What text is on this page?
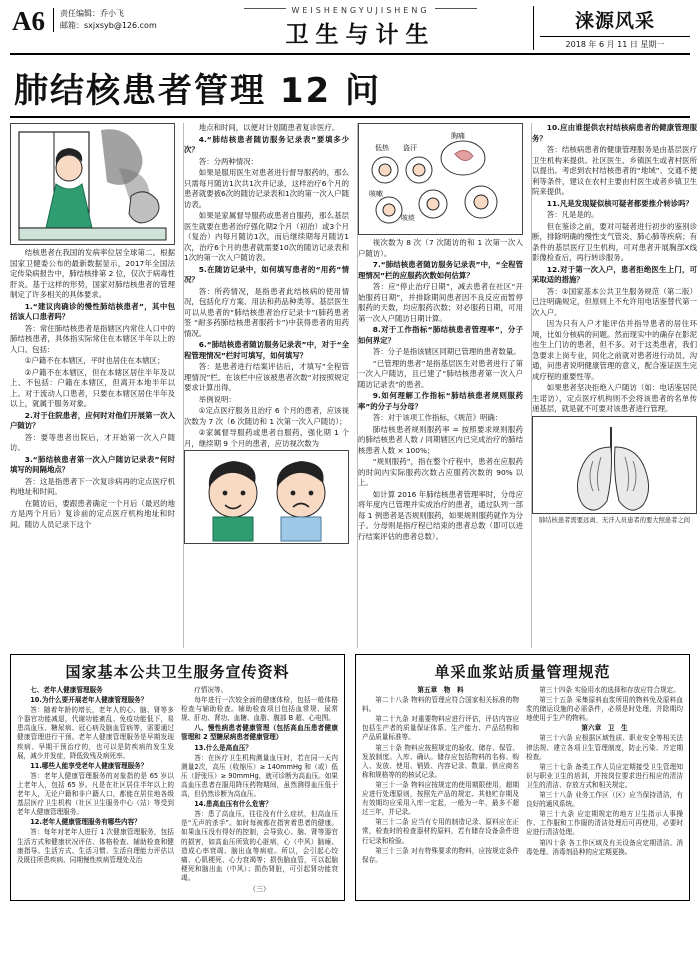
A6	责任编辑：乔小飞
邮箱：sxjxsyb@126.com
WEISHENGYUJISHENG
卫生与计生
涞源风采
2018 年 6 月 11 日 星期一
肺结核患者管理 12 问

结核患者在我国的发病率位居全球第二。根据国家卫健委公布的最新数据显示，2017年全国法定传染病报告中，肺结核排第 2 位，仅次于病毒性肝炎。基于这样的形势，国家对肺结核患者的管理制定了许多相关的具体要求。

1.“建议肉确诊的慢性肺结核患者”，其中包括该人口患者吗？

答：常住肺结核患者是指辖区内常住人口中的肺结核患者，具体指实际常住在本辖区半年以上的人口。包括：

①户籍不在本辖区，平时也居住在本辖区；

②户籍不在本辖区，但在本辖区居住半年及以上、不包括：户籍在本辖区，但离开本地半年以上。对于流动人口患者，只要在本辖区居住半年及以上，就属于服务对象。

2.对于住院患者，应何时对他们开展第一次入户随访？

答：要等患者出院后，才开始第一次入户随访。

3.“肺结核患者第一次入户随访记录表”何时填写的间隔地点？

答：这是指患者下一次复诊病再的定点医疗机构地址和时间。

在随访后，要跟患者确定一个月后（最迟的地方是两个月后）复诊前的定点医疗机构地址和时间。随访人员记录下这个

地点和时间，以便对计划随患者复诊医疗。

4.“肺结核患者随访服务记录表”要填多少次？

答：分两种情况：

如果是服用医生对患者进行督导服药的，那么只需每月随访1次共1次并记录，这样治疗6个月的患者就要被6次的随访记录表和1次的第一次入户随访表。

如果是家属督导服药或患者自服药，那么基层医生就要在患者治疗强化期2个月（初治）或3个月（复治）内每月随访1次，而后继续期每月随访1次，治疗6个月的患者就需要10次的随访记录表和1次的第一次入户随访表。

5.在随访记录中，如何填写患者的“用药”情况？

答：所药情况，是指患者此结核病的使用情况，包括化疗方案、用法和药品种类等。基层医生可以从患者的“肺结核患者治疗记录卡”(肺药患者签 “耐多药肺结核患者服药卡”)中获得患者的用药情况。

6.“肺结核患者随访服务记录表”中，对于“全程管理情况”栏时可填写，如何填写？

答：是患者进行结案评估后，才填写“全程管理情况”栏。在该栏中应该被患者次数“对按照规定要求计算出得。

举例说明：

①定点医疗服务且治疗 6 个月的患者，应该视次数为 7 次（6 次随访和 1 次第一次入户随访）；

②家属督导服药或患者自服药，强化期 1 个月，继续期 9 个月的患者，应访视次数为

低热 盗汗
胸痛
咳嗽
咳痰

视次数为 8 次（7 次随访的和 1 次第一次入户随访）。

7.“肺结核患者随访服务记录表”中，“全程管理情况”栏的应服药次数如何估算？

答：应“停止治疗日期”，减去患者在社区“开始服药日期”，并排除期间患者因不良反应而暂停服药的天数，均应服药次数；对必服药日期，可用第一次入户随访日期计算。

8.对于工作指标“肺结核患者管理率”，分子如何界定？

答：分子是指该辖区同期已管理的患者数量。

“已管理的患者”是指基层医生对患者进行了第一次入户随访，且已建了“肺结核患者第一次入户随访记录表”的患者。

9.如何理解工作指标“肺结核患者规则服药率”的分子与分母？

答：对于该项工作指标，《规范》明确：

肺结核患者规则服药率 = 按照要求规则服药的肺结核患者人数 / 同期辖区内已完成治疗的肺结核患者人数 × 100%；

“规则服药”，指在整个疗程中，患者在应服药的时间内实际服药次数占应服药次数的 90% 以上。

如计算 2016 年肺结核患者管理率时，分母应将年度内已管理并实成治疗的患者，通过队列一部每 1 例患者是否规则服药，如果规则服药就作为分子。分母则是指疗程已结束的患者总数（即可以进行结案评估的患者总数）。

10.应由谁提供农村结核病患者的健康管理服务？

答：结核病患者的健康管理服务是由基层医疗卫生机构来提供。社区医生、乡镇医生或者村医所以提出。考虑到农村结核患者的“地域”、交通不便利等条件，建议在农村主要由村医生或者乡镇卫生院来提供。

11.凡是发现疑似核可疑者都要推介转诊吗？

答：凡是是的。

但在鉴诊之前，要对可疑者进行初步的鉴别诊断，排除明确的慢性支气管炎、肺心肺等疾病；有条件的基层医疗卫生机构，可对患者开展胸部X线影像检查后，再行转诊服务。

12.对于第一次入户，患者拒绝医生上门，可采取适的措施？

答：①国家基本公共卫生服务规范（第二版）已注明确规定，但原则上不允许用电话鉴替代第一次入户。

因为只有入户才能评估并指导患者的居住环境，比如分核病的问题。然而现实中的确存在影泥也生上门访的患者，但不多。对于这类患者，我们急要求上岗专业，同化之前就对患者进行动员、沟通，问患者说明健康管理的意义，配合鉴证医生完成疗程的重要性等。

如果患者坚决拒绝入户随访（如：电话鉴居民生诺访），定点医疗机构则不会将该患者的名单传递基层，就是就不可要对该患者进行管理。

肺结核患者需要远离、无汗人员患者的要大照患者之间
国家基本公共卫生服务宣传资料

七、老年人健康管理服务

10.为什么要开展老年人健康管理服务？

答：随着年龄的增长，老年人的心、脑、肾等多个器官功能减退，代谢功能紊乱、免疫功能低下，易患高血压、糖尿病、冠心病及脑血管病等，需要通过健康管理进行干预。老年人健康管理服务是早期发现疾病、早期干预治疗的，也可以是防疾病的发生发展，减少并发症，降低致残及病死率。

11.哪些人能享受老年人健康管理服务？

答：老年人健康管理服务的对象指的是 65 岁以上老年人，包括 65 岁。凡是在社区居住半年以上的老年人，无论户籍和非户籍人口，都能在居住地各级基层医疗卫生机构（社区卫生服务中心（站）等受到老年人健康管理服务。

12.老年人健康管理服务有哪些内容？

答：每年对老年人进行 1 次健康管理服务，包括生活方式和健康状况评估、体格检查、辅助检查和健康指导。生活方式、生活习惯、生活自理能力评估以及既往所患疾病、同期慢性疾病管理处及治

疗情况等。

每年进行一次较全面的健康体检，包括一般体格检查与辅助检查。辅助检查项目包括血常规、尿常规、肝功、肾功、血糖、血脂、腹部 B 超、心电图。

八、慢性病患者健康管理（包括高血压患者健康管理和 2 型糖尿病患者健康管理）

13.什么是高血压？

答：在医疗卫生机构测量血压时，若在同一天内测量2次，高压（收缩压）≥ 140mmHg 和（或）低压（舒张压）≥ 90mmHg，就可诊断为高血压。如果高血压患者在服用降压药物期间，虽然测得血压低于高，但仍然诊断为高血压。

14.患高血压有什么危害？

答：患了高血压，往往没有什么症状，但高血压是“无声的杀手”。如时每被都在指害着患者的健康。如果血压没有得好的控制，会导致心、脑、肾等器官的损害，如高血压所致的心脏病，心（中风）脑瘫、造成心率衰竭、脑出血等病症。所以，会引起心绞痛、心肌梗死、心力衰竭等；损伤脑血管，可以起脑梗死和脑出血（中风）；损伤肾脏，可引起肾功能衰竭。

（三）
单采血浆站质量管理规范

第五章　物　料

第二十八条 物料的管理应符合国家相关标准的物料。

第二十九条 对重要物料应进行评估，评估内容应包括生产者的质量保证体系、生产能力、产品结构和产品质量标准等。

第三十条 物料应按照规定的验收、储存、保管、发放制度。入库、确认。储存应包括物料的名称、购入、发放、使用、销毁、内容记录、数量、供应商名称和规格等的的核试记录。

第三十一条 物料应按规定的使用期限使用，超期应进行处理原则，按照先产品的规定、其他贮存期及有效期均应采用入库一定起，一般为一年，最多不超过三年，并记录。

第三十二条 应当有专用的制造记录、原料应在正常，检查时的检查器材的原料，若有储存设备条件进行记录和检验。

第三十三条 对有特殊要求的物料，应按规定条件保存。

第三十四条 实验用水的选择和存放应符合规定。

第三十五条 采集原料血浆所用的物料免及原料血浆的储运设施的必需条件，必须是时处理、并除期均地使用于生产的物料。

第六章　卫　生

第三十六条 应根据区域性质、职业安全等相关法律法规、建立各项卫生管理制度，防止污染、并定期检查。

第三十七条 备类工作人员应定期接受卫生管理知识与职业卫生的培训，并按岗位要求进行相应的清洁卫生的清洁、存放方式和相关规定。

第三十八条 业务工作区（区）应当保持清洁，有良好的通风系统。

第三十九条 应定期规定的地方卫生指示人事操作、工作服和工作服的清洁处理后可再使用，必要时应进行清洁处理。

第四十条 各工作区域及有关设备应定期清洁、消毒处理、消毒剂品种的应定期更换。
